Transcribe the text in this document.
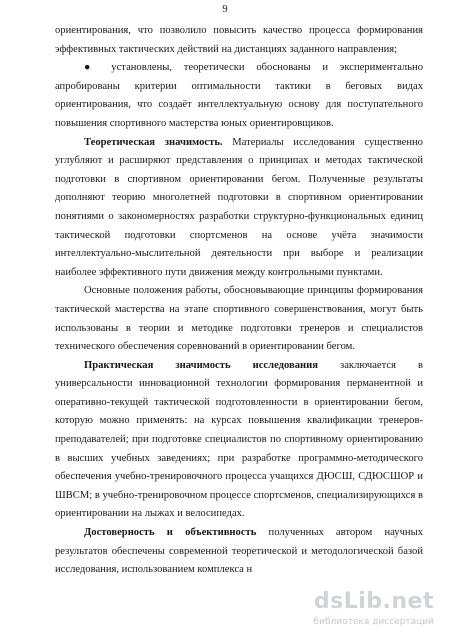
9

ориентирования, что позволило повысить качество процесса формирования эффективных тактических действий на дистанциях заданного направления;

● установлены, теоретически обоснованы и экспериментально апробированы критерии оптимальности тактики в беговых видах ориентирования, что создаёт интеллектуальную основу для поступательного повышения спортивного мастерства юных ориентировщиков.

Теоретическая значимость. Материалы исследования существенно углубляют и расширяют представления о принципах и методах тактической подготовки в спортивном ориентировании бегом. Полученные результаты дополняют теорию многолетней подготовки в спортивном ориентировании понятиями о закономерностях разработки структурно-функциональных единиц тактической подготовки спортсменов на основе учёта значимости интеллектуально-мыслительной деятельности при выборе и реализации наиболее эффективного пути движения между контрольными пунктами.

Основные положения работы, обосновывающие принципы формирования тактической мастерства на этапе спортивного совершенствования, могут быть использованы в теории и методике подготовки тренеров и специалистов технического обеспечения соревнований в ориентировании бегом.

Практическая значимость исследования заключается в универсальности инновационной технологии формирования перманентной и оперативно-текущей тактической подготовленности в ориентировании бегом, которую можно применять: на курсах повышения квалификации тренеров-преподавателей; при подготовке специалистов по спортивному ориентированию в высших учебных заведениях; при разработке программно-методического обеспечения учебно-тренировочного процесса учащихся ДЮСШ, СДЮСШОР и ШВСМ; в учебно-тренировочном процессе спортсменов, специализирующихся в ориентировании на лыжах и велосипедах.

Достоверность и объективность полученных автором научных результатов обеспечены современной теоретической и методологической базой исследования, использованием комплекса н

dsLib.net
библиотека диссертаций
